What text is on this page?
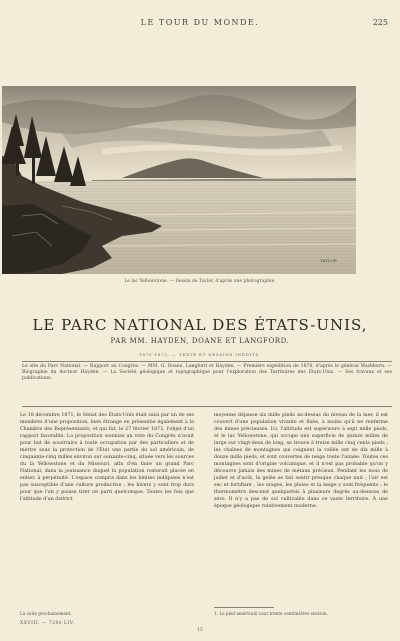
LE TOUR DU MONDE.	225
TAYLOR
Le lac Yellowstone. — Dessin de Taylor, d'après une photographie.
LE PARC NATIONAL DES ÉTATS-UNIS,
PAR MM. HAYDEN, DOANE ET LANGFORD.
1870-1872. — TEXTE ET DESSINS INÉDITS.
Le site du Parc National. — Rapport au Congrès. — MM. G. Doane, Langford et Hayden. — Première expédition de 1870, d'après le général Washburn. — Biographie du docteur Hayden. — La Société géologique et topographique pour l'exploration des Territoires des États-Unis. — Ses travaux et ses publications.

Le 18 décembre 1871, le Sénat des États-Unis était saisi par un de ses membres d'une proposition, bien étrange en présentée également à la Chambre des Représentants, et qui fut, le 27 février 1872, l'objet d'un rapport favorable. La proposition soumise au vote du Congrès n'avait pour but de soustraire à toute occupation par des particuliers et de mettre sous la protection de l'État une partie du sol américain, de cinquante-cinq milles environ sur soixante-cinq, située vers les sources du la Yellowstone et du Missouri, afin d'en faire un grand Parc National, dans la jouissance duquel la population resterait placée en entier, à perpétuité. L'espace compris dans les limites indiquées n'est pas susceptible d'une culture productive ; les hivers y sont trop durs pour que l'on y puisse tirer un parti quelconque. Toutes les fois que l'altitude d'un district

moyenne dépasse six mille pieds au-dessus du niveau de la mer, il est couvert d'une population vivante et fixée, à moins qu'il ne renferme des mines précieuses. Ici, l'altitude est supérieure à sept mille pieds, et le lac Yellowstone, qui occupe une superficie de quinze milles de large sur vingt-deux de long, se trouve à treize mille cinq cents pieds ; les chaînes de montagnes qui ceignent la vallée ont de dix mille à douze mille pieds, et sont couvertes de neige toute l'année. Toutes ces montagnes sont d'origine volcanique, et il n'est pas probable qu'on y découvre jamais des mines de métaux précieux. Pendant les mois de juillet et d'août, la gelée se fait sentir presque chaque nuit ; l'air est sec et fortifiant ; les orages, les pluies et la neige y sont fréquents ; le thermomètre descend quelquefois à plusieurs degrés au-dessous de zéro. Il n'y a pas de sol cultivable dans ce vaste territoire. À une époque géologique relativement moderne,

1. Le pied américain vaut trente centimètres environ.
La suite prochainement.
XXVIII. — 720e LIV.
15
